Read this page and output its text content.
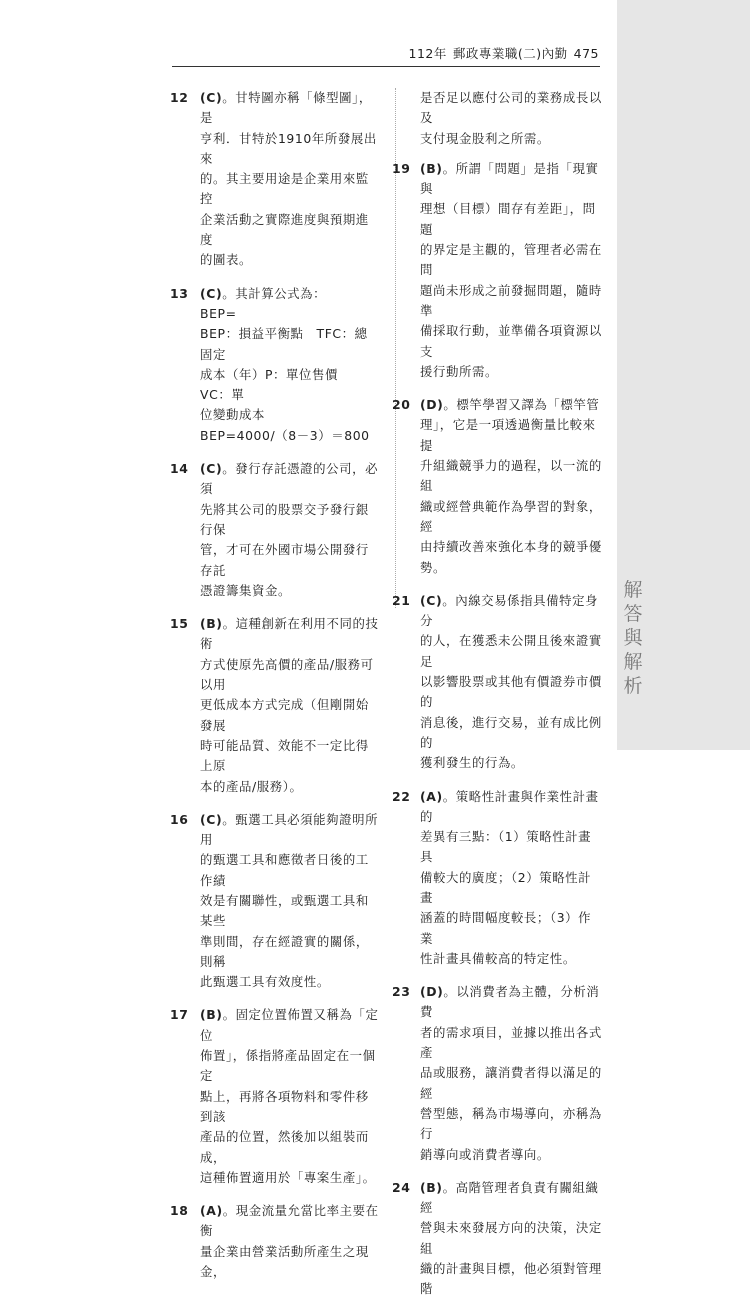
解
答
與
解
析
112年 郵政專業職(二)內勤 475
12 (C)。甘特圖亦稱「條型圖」，是

亨利．甘特於1910年所發展出來

的。其主要用途是企業用來監控

企業活動之實際進度與預期進度

的圖表。

13 (C)。其計算公式為：

BEP=

BEP：損益平衡點　TFC：總固定

成本（年）P：單位售價　VC：單

位變動成本

BEP=4000/（8－3）＝800

14 (C)。發行存託憑證的公司，必須

先將其公司的股票交予發行銀行保

管，才可在外國市場公開發行存託

憑證籌集資金。

15 (B)。這種創新在利用不同的技術

方式使原先高價的產品/服務可以用

更低成本方式完成（但剛開始發展

時可能品質、效能不一定比得上原

本的產品/服務）。

16 (C)。甄選工具必須能夠證明所用

的甄選工具和應徵者日後的工作績

效是有關聯性，或甄選工具和某些

準則間，存在經證實的關係，則稱

此甄選工具有效度性。

17 (B)。固定位置佈置又稱為「定位

佈置」，係指將產品固定在一個定

點上，再將各項物料和零件移到該

產品的位置，然後加以組裝而成，

這種佈置適用於「專案生產」。

18 (A)。現金流量允當比率主要在衡

量企業由營業活動所產生之現金，

是否足以應付公司的業務成長以及
支付現金股利之所需。
19 (B)。所謂「問題」是指「現實與

理想（目標）間存有差距」，問題

的界定是主觀的，管理者必需在問

題尚未形成之前發掘問題，隨時準

備採取行動，並準備各項資源以支

援行動所需。

20 (D)。標竿學習又譯為「標竿管

理」，它是一項透過衡量比較來提

升組織競爭力的過程，以一流的組

織或經營典範作為學習的對象，經

由持續改善來強化本身的競爭優

勢。

21 (C)。內線交易係指具備特定身分

的人，在獲悉未公開且後來證實足

以影響股票或其他有價證券市價的

消息後，進行交易，並有成比例的

獲利發生的行為。

22 (A)。策略性計畫與作業性計畫的

差異有三點：（1）策略性計畫具

備較大的廣度；（2）策略性計畫

涵蓋的時間幅度較長；（3）作業

性計畫具備較高的特定性。

23 (D)。以消費者為主體，分析消費

者的需求項目，並據以推出各式產

品或服務，讓消費者得以滿足的經

營型態，稱為市場導向，亦稱為行

銷導向或消費者導向。

24 (B)。高階管理者負責有關組織經

營與未來發展方向的決策，決定組

織的計畫與目標，他必須對管理階
